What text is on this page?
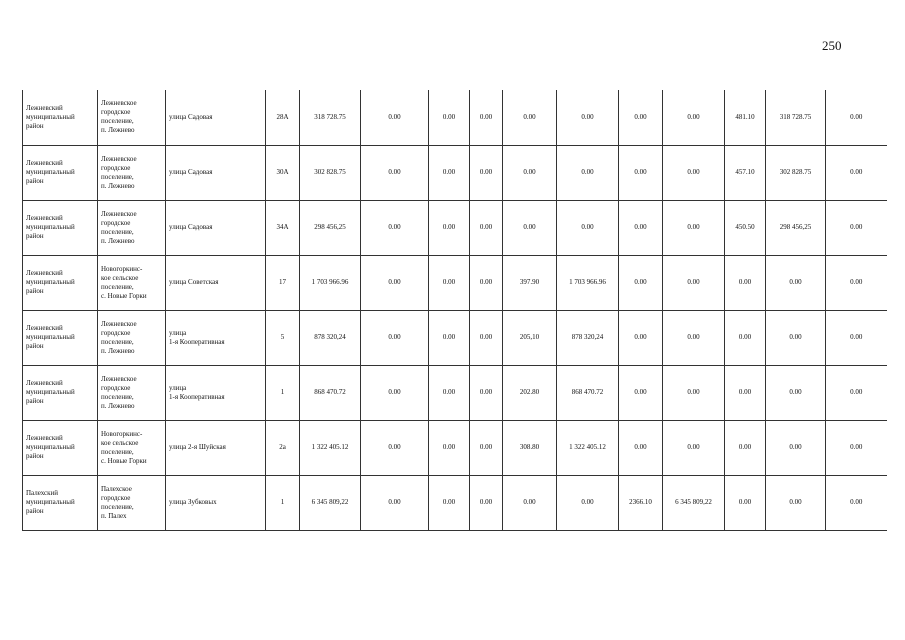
250
Лежневский
муниципальный
район	Лежневское
городское
поселение,
п. Лежнево	улица Садовая	28А	318 728.75	0.00	0.00	0.00	0.00	0.00	0.00	0.00	481.10	318 728.75	0.00
Лежневский
муниципальный
район	Лежневское
городское
поселение,
п. Лежнево	улица Садовая	30А	302 828.75	0.00	0.00	0.00	0.00	0.00	0.00	0.00	457.10	302 828.75	0.00
Лежневский
муниципальный
район	Лежневское
городское
поселение,
п. Лежнево	улица Садовая	34А	298 456,25	0.00	0.00	0.00	0.00	0.00	0.00	0.00	450.50	298 456,25	0.00
Лежневский
муниципальный
район	Новогоркинс-
кое сельское
поселение,
с. Новые Горки	улица Советская	17	1 703 966.96	0.00	0.00	0.00	397.90	1 703 966.96	0.00	0.00	0.00	0.00	0.00
Лежневский
муниципальный
район	Лежневское
городское
поселение,
п. Лежнево	улица
1-я Кооперативная	5	878 320,24	0.00	0.00	0.00	205,10	878 320,24	0.00	0.00	0.00	0.00	0.00
Лежневский
муниципальный
район	Лежневское
городское
поселение,
п. Лежнево	улица
1-я Кооперативная	1	868 470.72	0.00	0.00	0.00	202.80	868 470.72	0.00	0.00	0.00	0.00	0.00
Лежневский
муниципальный
район	Новогоркинс-
кое сельское
поселение,
с. Новые Горки	улица 2-я Шуйская	2а	1 322 405.12	0.00	0.00	0.00	308.80	1 322 405.12	0.00	0.00	0.00	0.00	0.00
Палехский
муниципальный
район	Палехское
городское
поселение,
п. Палех	улица Зубковых	1	6 345 809,22	0.00	0.00	0.00	0.00	0.00	2366.10	6 345 809,22	0.00	0.00	0.00
